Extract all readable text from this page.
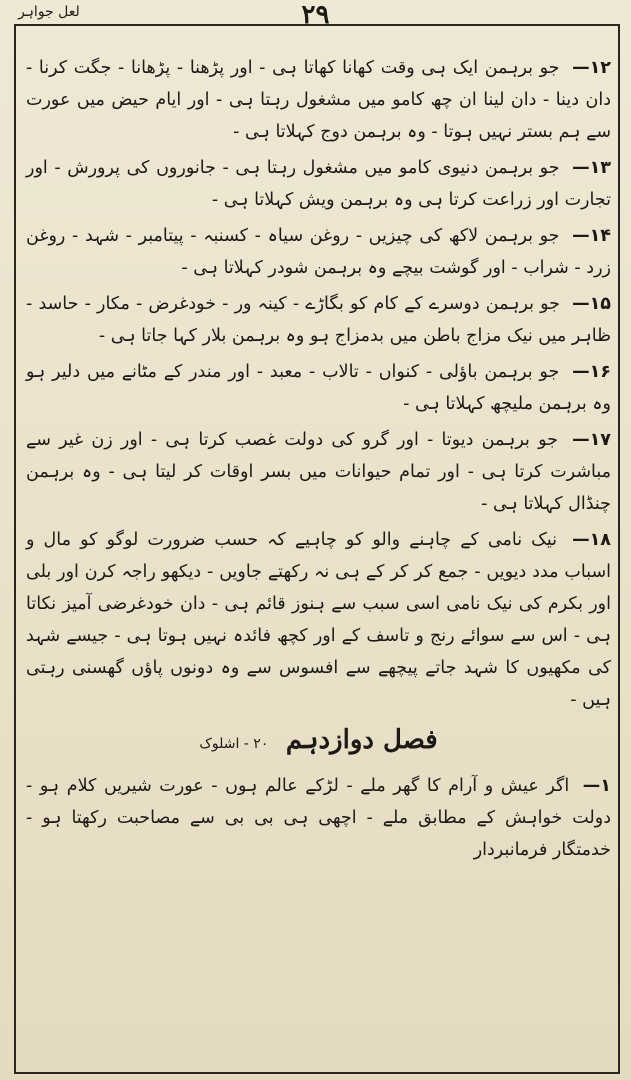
۲۹
لعل جواہر

۱۲— جو برہمن ایک ہی وقت کھانا کھاتا ہی - اور پڑھنا - پڑھانا - جگت کرنا - دان دینا - دان لینا ان چھ کامو میں مشغول رہتا ہی - اور ایام حیض میں عورت سے ہم بستر نہیں ہوتا - وہ برہمن دوج کہلاتا ہی -

۱۳— جو برہمن دنیوی کامو میں مشغول رہتا ہی - جانوروں کی پرورش - اور تجارت اور زراعت کرتا ہی وہ برہمن ویش کہلاتا ہی -

۱۴— جو برہمن لاکھ کی چیزیں - روغن سیاہ - کسنبہ - پیتامبر - شہد - روغن زرد - شراب - اور گوشت بیچے وہ برہمن شودر کہلاتا ہی -

۱۵— جو برہمن دوسرے کے کام کو بگاڑے - کینہ ور - خودغرض - مکار - حاسد - ظاہر میں نیک مزاج باطن میں بدمزاج ہو وہ برہمن بلار کہا جاتا ہی -

۱۶— جو برہمن باؤلی - کنواں - تالاب - معبد - اور مندر کے مٹانے میں دلیر ہو وہ برہمن ملیچھ کہلاتا ہی -

۱۷— جو برہمن دیوتا - اور گرو کی دولت غصب کرتا ہی - اور زن غیر سے مباشرت کرتا ہی - اور تمام حیوانات میں بسر اوقات کر لیتا ہی - وہ برہمن چنڈال کہلاتا ہی -

۱۸— نیک نامی کے چاہنے والو کو چاہیے کہ حسب ضرورت لوگو کو مال و اسباب مدد دیویں - جمع کر کر کے ہی نہ رکھتے جاویں - دیکھو راجہ کرن اور بلی اور بکرم کی نیک نامی اسی سبب سے ہنوز قائم ہی - دان خودغرضی آمیز نکاتا ہی - اس سے سوائے رنج و تاسف کے اور کچھ فائدہ نہیں ہوتا ہی - جیسے شہد کی مکھیوں کا شہد جاتے پیچھے سے افسوس سے وہ دونوں پاؤں گھسنی رہتی ہیں -

فصل دوازدہم ۲۰ - اشلوک

۱— اگر عیش و آرام کا گھر ملے - لڑکے عالم ہوں - عورت شیریں کلام ہو - دولت خواہش کے مطابق ملے - اچھی ہی بی بی سے مصاحبت رکھتا ہو - خدمتگار فرمانبردار
